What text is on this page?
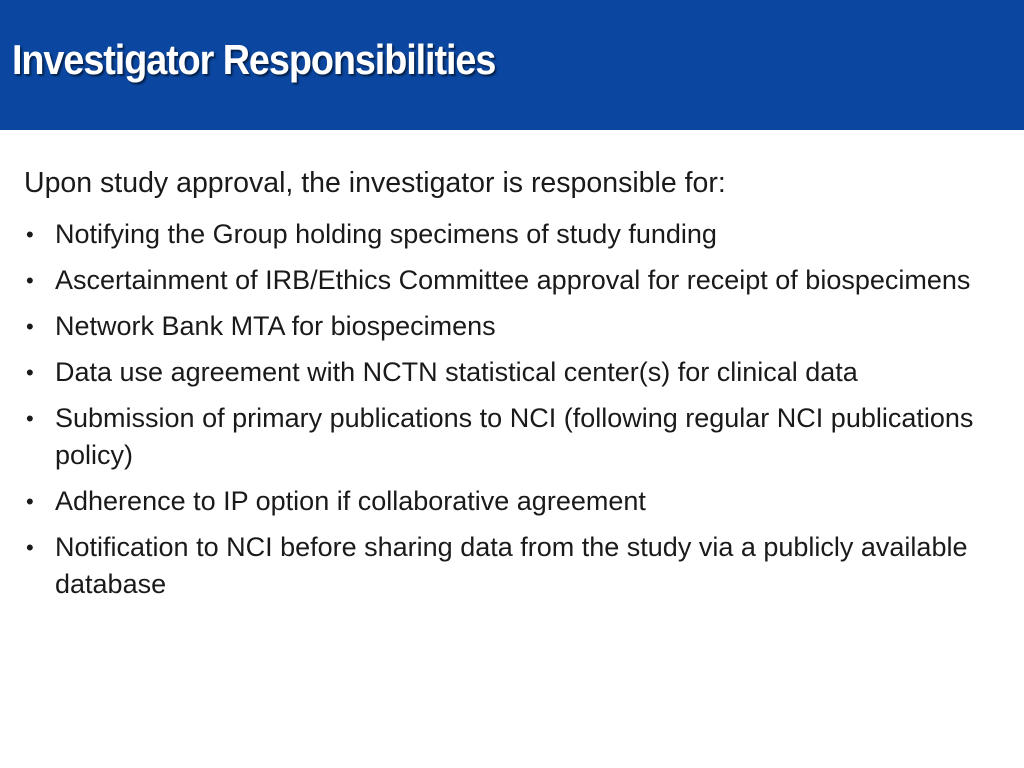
Investigator Responsibilities

Upon study approval, the investigator is responsible for:

• Notifying the Group holding specimens of study funding
• Ascertainment of IRB/Ethics Committee approval for receipt of biospecimens
• Network Bank MTA for biospecimens
• Data use agreement with NCTN statistical center(s) for clinical data
• Submission of primary publications to NCI (following regular NCI publications policy)
• Adherence to IP option if collaborative agreement
• Notification to NCI before sharing data from the study via a publicly available database
